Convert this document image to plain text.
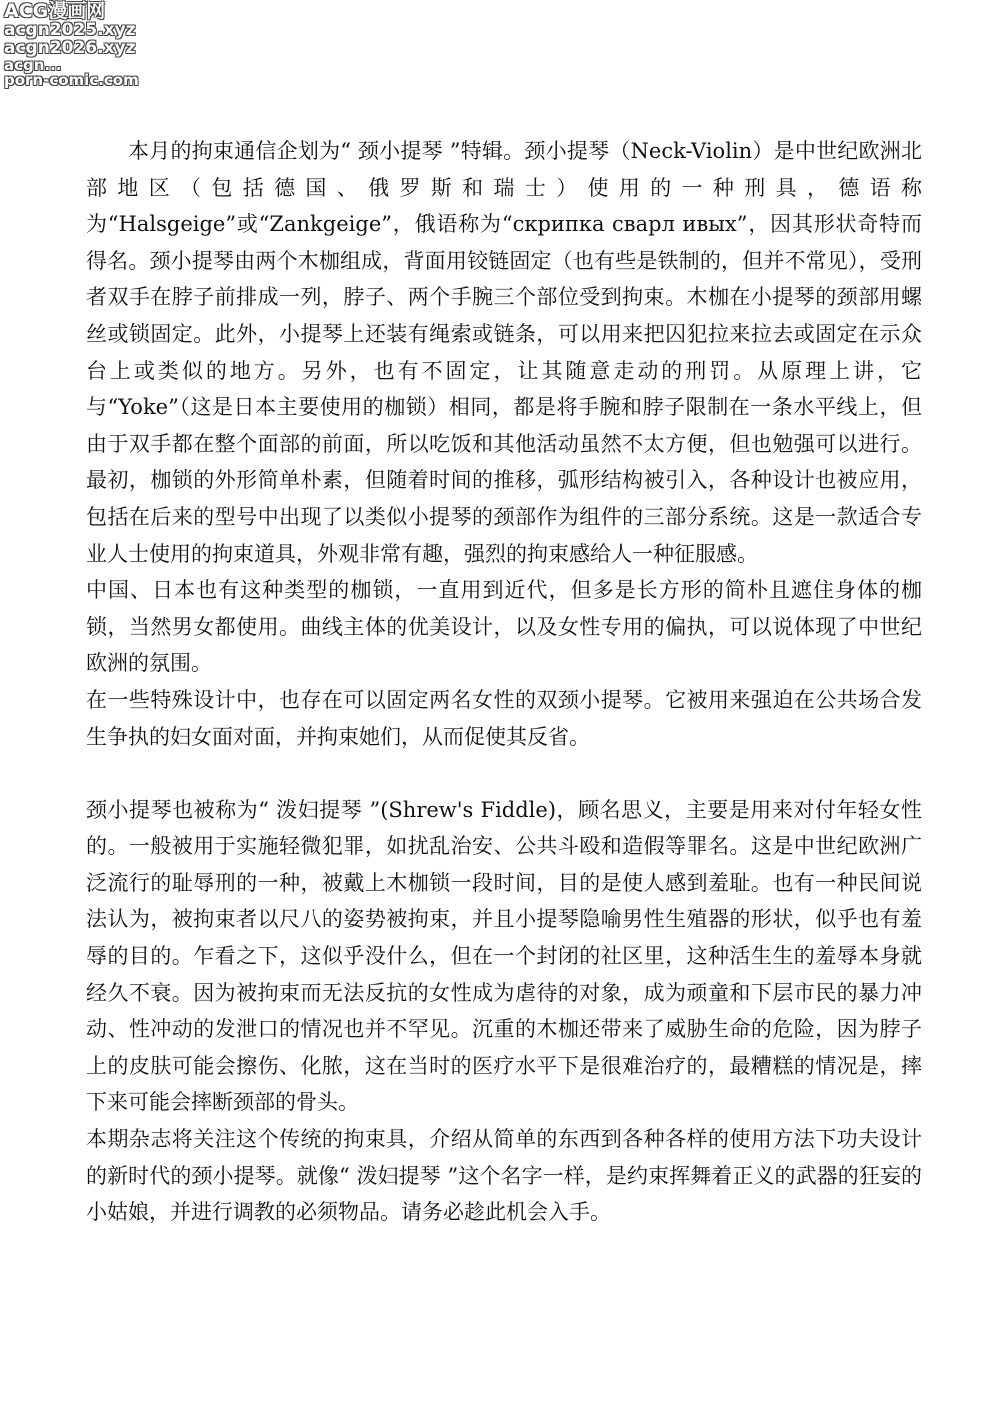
ACG漫画网
acgn2025.xyz
acgn2026.xyz
acgn...
porn-comic.com

本月的拘束通信企划为“ 颈小提琴 ”特辑。颈小提琴（Neck-Violin）是中世纪欧洲北部地区（包括德国、俄罗斯和瑞士）使用的一种刑具，德语称为“Halsgeige”或“Zankgeige”，俄语称为“скрипка сварл ивых”，因其形状奇特而得名。颈小提琴由两个木枷组成，背面用铰链固定（也有些是铁制的，但并不常见），受刑者双手在脖子前排成一列，脖子、两个手腕三个部位受到拘束。木枷在小提琴的颈部用螺丝或锁固定。此外，小提琴上还装有绳索或链条，可以用来把囚犯拉来拉去或固定在示众台上或类似的地方。另外，也有不固定，让其随意走动的刑罚。从原理上讲，它与“Yoke”（这是日本主要使用的枷锁）相同，都是将手腕和脖子限制在一条水平线上，但由于双手都在整个面部的前面，所以吃饭和其他活动虽然不太方便，但也勉强可以进行。最初，枷锁的外形简单朴素，但随着时间的推移，弧形结构被引入，各种设计也被应用，包括在后来的型号中出现了以类似小提琴的颈部作为组件的三部分系统。这是一款适合专业人士使用的拘束道具，外观非常有趣，强烈的拘束感给人一种征服感。

中国、日本也有这种类型的枷锁，一直用到近代，但多是长方形的简朴且遮住身体的枷锁，当然男女都使用。曲线主体的优美设计，以及女性专用的偏执，可以说体现了中世纪欧洲的氛围。

在一些特殊设计中，也存在可以固定两名女性的双颈小提琴。它被用来强迫在公共场合发生争执的妇女面对面，并拘束她们，从而促使其反省。

颈小提琴也被称为“ 泼妇提琴 ”(Shrew's Fiddle)，顾名思义，主要是用来对付年轻女性的。一般被用于实施轻微犯罪，如扰乱治安、公共斗殴和造假等罪名。这是中世纪欧洲广泛流行的耻辱刑的一种，被戴上木枷锁一段时间，目的是使人感到羞耻。也有一种民间说法认为，被拘束者以尺八的姿势被拘束，并且小提琴隐喻男性生殖器的形状，似乎也有羞辱的目的。乍看之下，这似乎没什么，但在一个封闭的社区里，这种活生生的羞辱本身就经久不衰。因为被拘束而无法反抗的女性成为虐待的对象，成为顽童和下层市民的暴力冲动、性冲动的发泄口的情况也并不罕见。沉重的木枷还带来了威胁生命的危险，因为脖子上的皮肤可能会擦伤、化脓，这在当时的医疗水平下是很难治疗的，最糟糕的情况是，摔下来可能会摔断颈部的骨头。

本期杂志将关注这个传统的拘束具，介绍从简单的东西到各种各样的使用方法下功夫设计的新时代的颈小提琴。就像“ 泼妇提琴 ”这个名字一样，是约束挥舞着正义的武器的狂妄的小姑娘，并进行调教的必须物品。请务必趁此机会入手。
